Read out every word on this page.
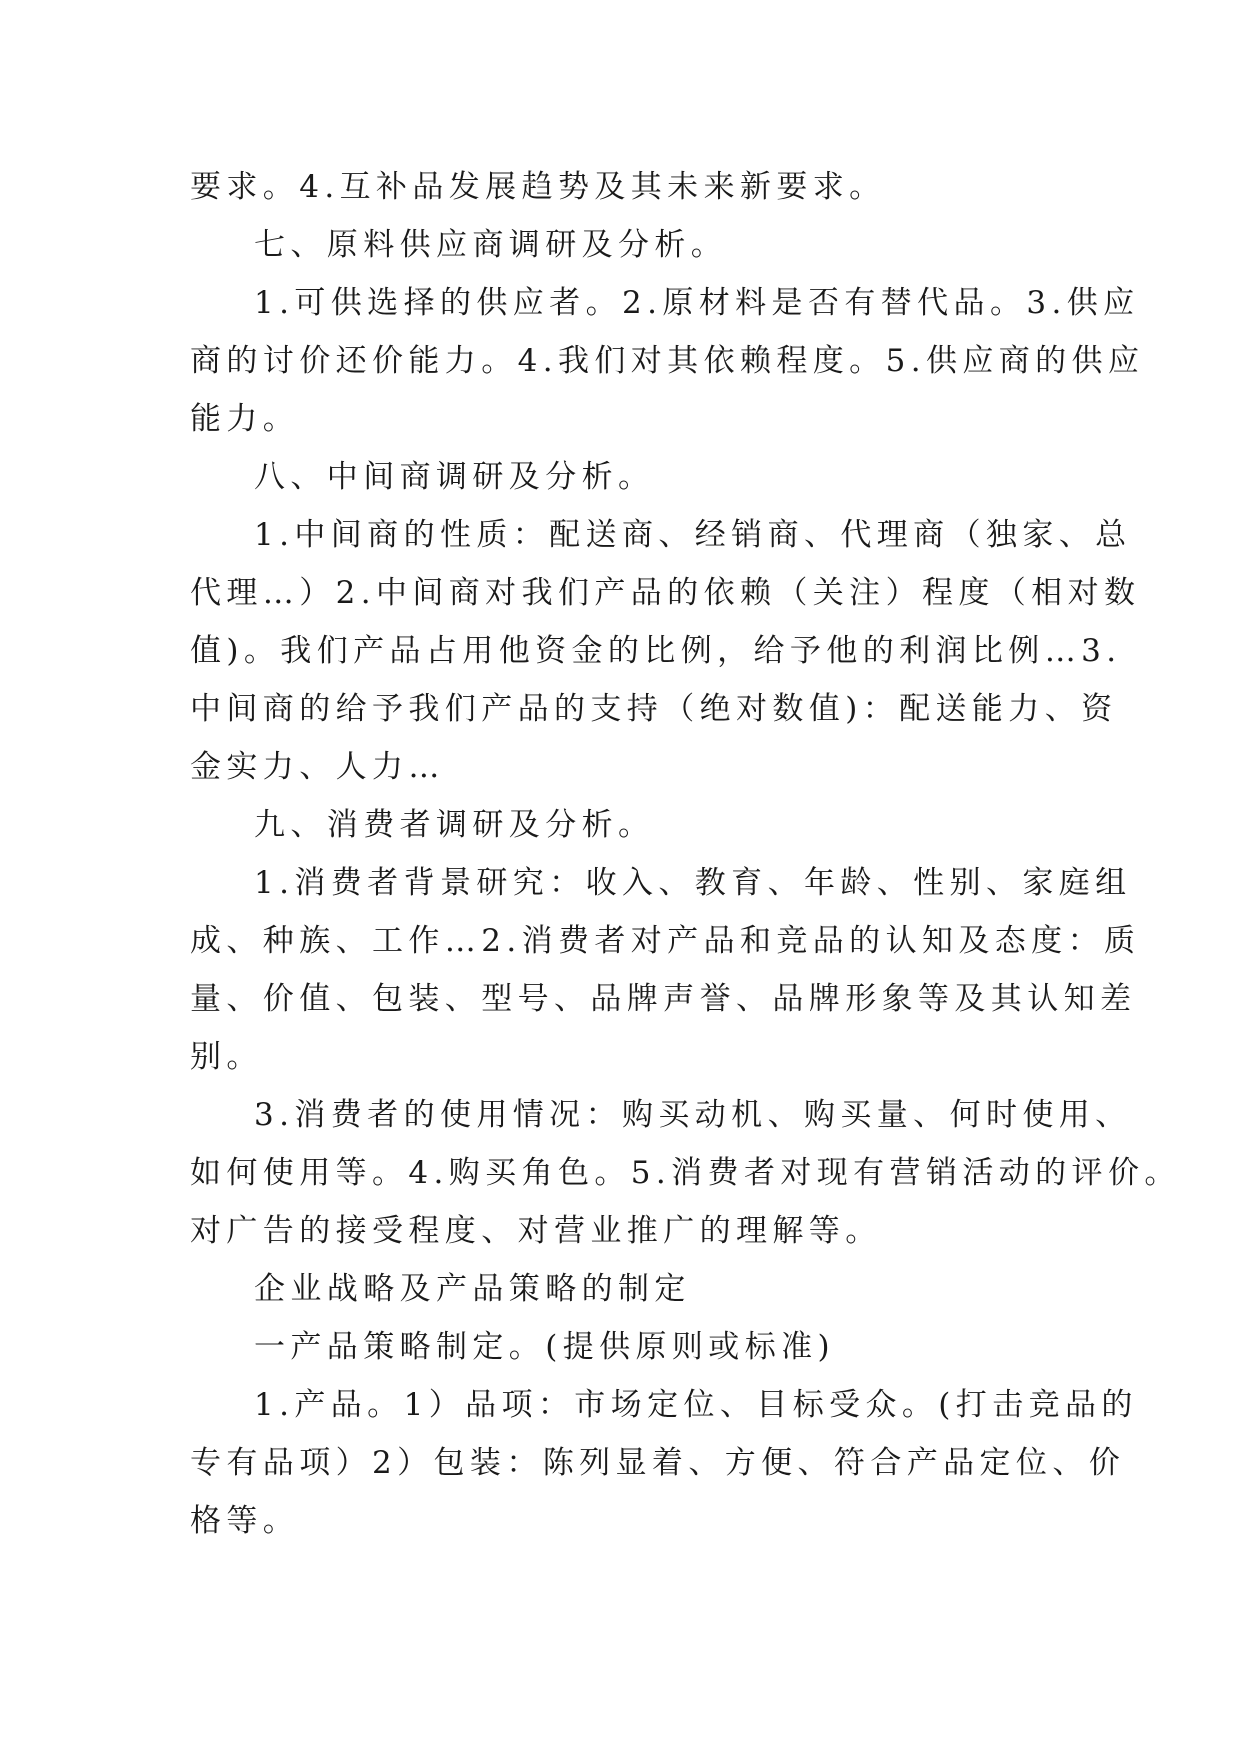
要求。4.互补品发展趋势及其未来新要求。
七、原料供应商调研及分析。
1.可供选择的供应者。2.原材料是否有替代品。3.供应
商的讨价还价能力。4.我们对其依赖程度。5.供应商的供应
能力。
八、中间商调研及分析。
1.中间商的性质：配送商、经销商、代理商（独家、总
代理…）2.中间商对我们产品的依赖（关注）程度（相对数
值)。我们产品占用他资金的比例，给予他的利润比例…3.
中间商的给予我们产品的支持（绝对数值)：配送能力、资
金实力、人力…
九、消费者调研及分析。
1.消费者背景研究：收入、教育、年龄、性别、家庭组
成、种族、工作…2.消费者对产品和竞品的认知及态度：质
量、价值、包装、型号、品牌声誉、品牌形象等及其认知差
别。
3.消费者的使用情况：购买动机、购买量、何时使用、
如何使用等。4.购买角色。5.消费者对现有营销活动的评价。
对广告的接受程度、对营业推广的理解等。
企业战略及产品策略的制定
一产品策略制定。(提供原则或标准)
1.产品。1）品项：市场定位、目标受众。(打击竞品的
专有品项）2）包装：陈列显着、方便、符合产品定位、价
格等。
